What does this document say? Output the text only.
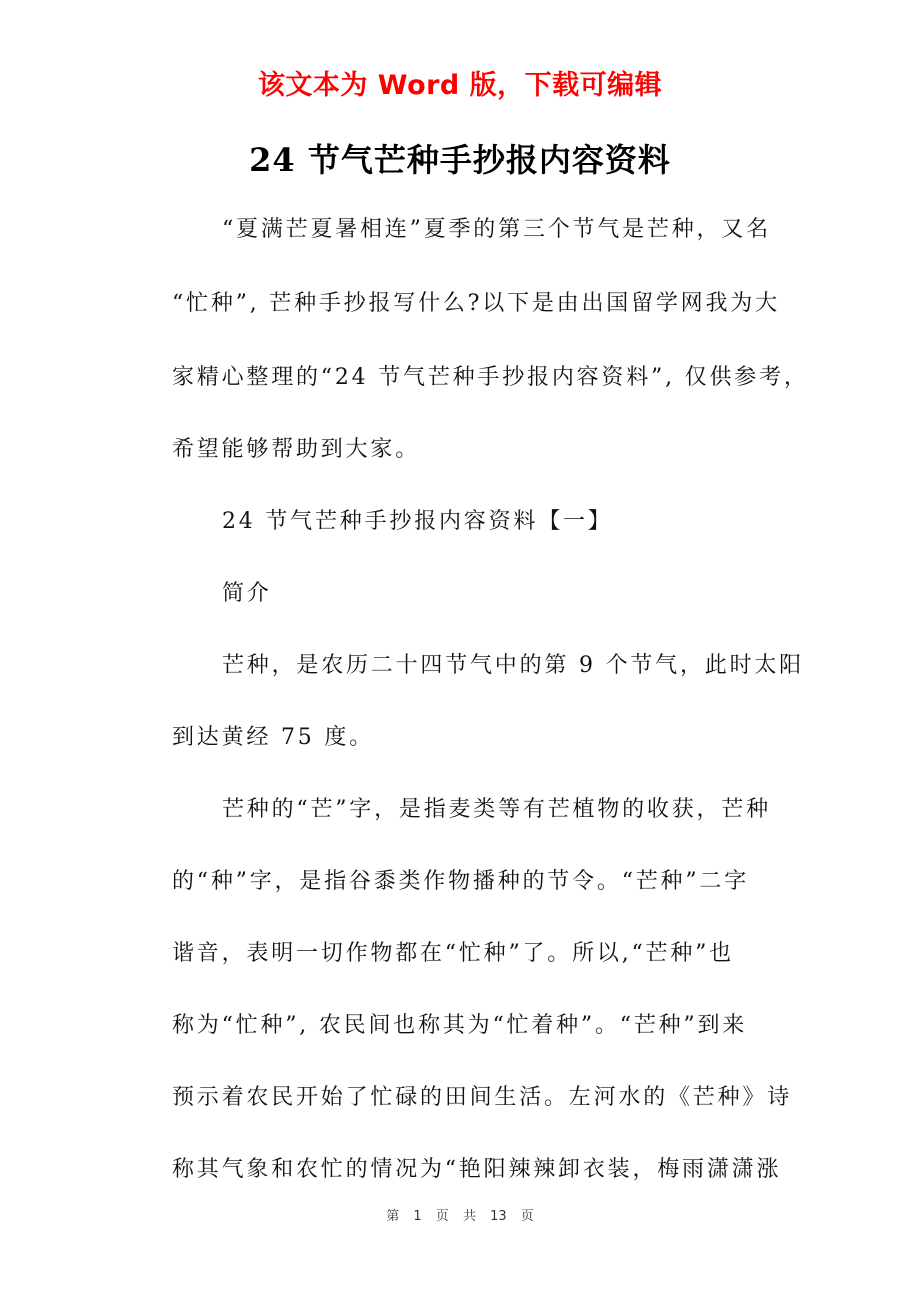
该文本为 Word 版，下载可编辑
24 节气芒种手抄报内容资料
“夏满芒夏暑相连”夏季的第三个节气是芒种，又名
“忙种”, 芒种手抄报写什么?以下是由出国留学网我为大
家精心整理的“24 节气芒种手抄报内容资料”, 仅供参考，
希望能够帮助到大家。
24 节气芒种手抄报内容资料【一】
简介
芒种，是农历二十四节气中的第 9 个节气，此时太阳
到达黄经 75 度。
芒种的“芒”字，是指麦类等有芒植物的收获，芒种
的“种”字，是指谷黍类作物播种的节令。“芒种”二字
谐音，表明一切作物都在“忙种”了。所以,“芒种”也
称为“忙种”, 农民间也称其为“忙着种”。“芒种”到来
预示着农民开始了忙碌的田间生活。左河水的《芒种》诗
称其气象和农忙的情况为“艳阳辣辣卸衣装，梅雨潇潇涨
第 1 页 共 13 页
